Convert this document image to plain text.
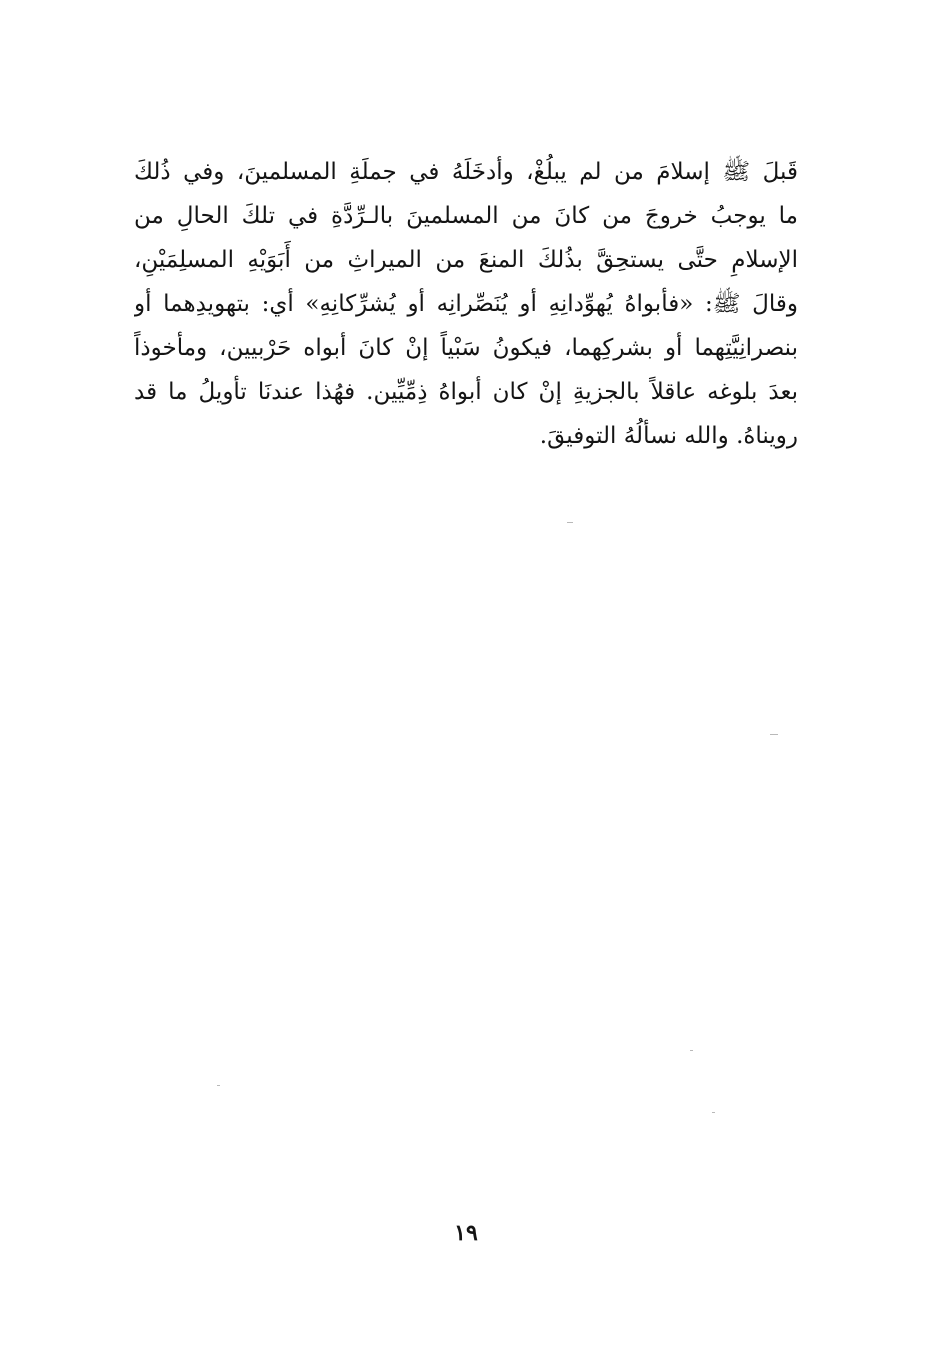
قَبلَ ﷺ إسلامَ من لم يبلُغْ، وأدخَلَهُ في جملَةِ المسلمينَ، وفي ذُلكَ
ما يوجبُ خروجَ من كانَ من المسلمينَ بالـرِّدَّةِ في تلكَ الحالِ من
الإسلامِ حتَّى يستحِقَّ بذُلكَ المنعَ من الميراثِ من أَبَوَيْهِ المسلِمَيْنِ،
وقالَ ﷺ: «فأبواهُ يُهوِّدانِهِ أو يُنَصِّرانِه أو يُشرِّكانِهِ» أي: بتهويدِهما أو
بنصرانِيَّتِهما أو بشركِهما، فيكونُ سَبْياً إنْ كانَ أبواه حَرْبيين، ومأخوذاً
بعدَ بلوغه عاقلاً بالجزيةِ إنْ كان أبواهُ ذِمِّيِّين. فهُذا عندنَا تأويلُ ما قد
رويناهُ. والله نسألُهُ التوفيقَ.
١٩
